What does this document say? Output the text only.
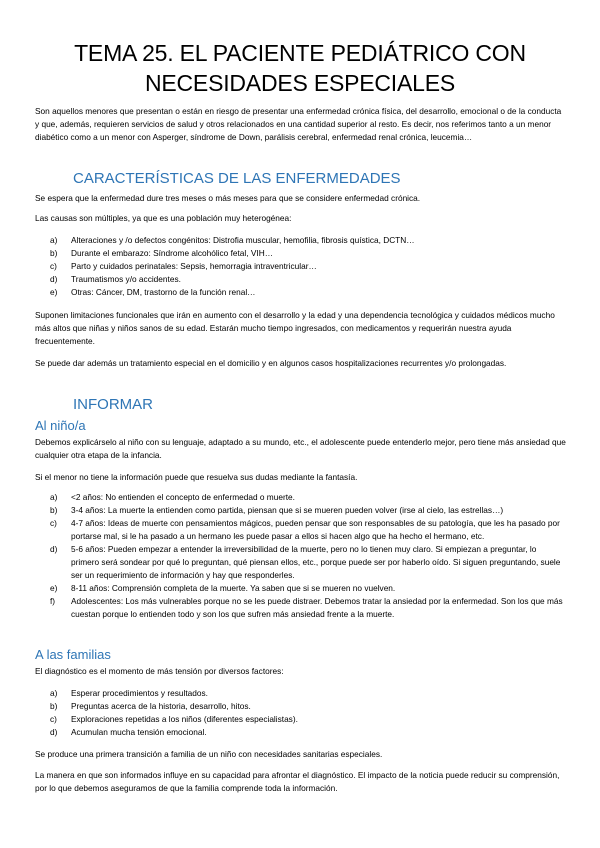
TEMA 25. EL PACIENTE PEDIÁTRICO CON
NECESIDADES ESPECIALES
Son aquellos menores que presentan o están en riesgo de presentar una enfermedad crónica física, del desarrollo, emocional o de la conducta y que, además, requieren servicios de salud y otros relacionados en una cantidad superior al resto. Es decir, nos referimos tanto a un menor diabético como a un menor con Asperger, síndrome de Down, parálisis cerebral, enfermedad renal crónica, leucemia…
CARACTERÍSTICAS DE LAS ENFERMEDADES
Se espera que la enfermedad dure tres meses o más meses para que se considere enfermedad crónica.
Las causas son múltiples, ya que es una población muy heterogénea:
a)	Alteraciones y /o defectos congénitos: Distrofia muscular, hemofilia, fibrosis quística, DCTN…
b)	Durante el embarazo: Síndrome alcohólico fetal, VIH…
c)	Parto y cuidados perinatales: Sepsis, hemorragia intraventricular…
d)	Traumatismos y/o accidentes.
e)	Otras: Cáncer, DM, trastorno de la función renal…
Suponen limitaciones funcionales que irán en aumento con el desarrollo y la edad y una dependencia tecnológica y cuidados médicos mucho más altos que niñas y niños sanos de su edad. Estarán mucho tiempo ingresados, con medicamentos y requerirán nuestra ayuda frecuentemente.
Se puede dar además un tratamiento especial en el domicilio y en algunos casos hospitalizaciones recurrentes y/o prolongadas.
INFORMAR
Al niño/a
Debemos explicárselo al niño con su lenguaje, adaptado a su mundo, etc., el adolescente puede entenderlo mejor, pero tiene más ansiedad que cualquier otra etapa de la infancia.
Si el menor no tiene la información puede que resuelva sus dudas mediante la fantasía.
a)	<2 años: No entienden el concepto de enfermedad o muerte.
b)	3-4 años: La muerte la entienden como partida, piensan que si se mueren pueden volver (irse al cielo, las estrellas…)
c)	4-7 años: Ideas de muerte con pensamientos mágicos, pueden pensar que son responsables de su patología, que les ha pasado por portarse mal, si le ha pasado a un hermano les puede pasar a ellos si hacen algo que ha hecho el hermano, etc.
d)	5-6 años: Pueden empezar a entender la irreversibilidad de la muerte, pero no lo tienen muy claro. Si empiezan a preguntar, lo primero será sondear por qué lo preguntan, qué piensan ellos, etc., porque puede ser por haberlo oído. Si siguen preguntando, suele ser un requerimiento de información y hay que responderles.
e)	8-11 años: Comprensión completa de la muerte. Ya saben que si se mueren no vuelven.
f)	Adolescentes: Los más vulnerables porque no se les puede distraer. Debemos tratar la ansiedad por la enfermedad. Son los que más cuestan porque lo entienden todo y son los que sufren más ansiedad frente a la muerte.
A las familias
El diagnóstico es el momento de más tensión por diversos factores:
a)	Esperar procedimientos y resultados.
b)	Preguntas acerca de la historia, desarrollo, hitos.
c)	Exploraciones repetidas a los niños (diferentes especialistas).
d)	Acumulan mucha tensión emocional.
Se produce una primera transición a familia de un niño con necesidades sanitarias especiales.
La manera en que son informados influye en su capacidad para afrontar el diagnóstico. El impacto de la noticia puede reducir su comprensión, por lo que debemos aseguramos de que la familia comprende toda la información.
